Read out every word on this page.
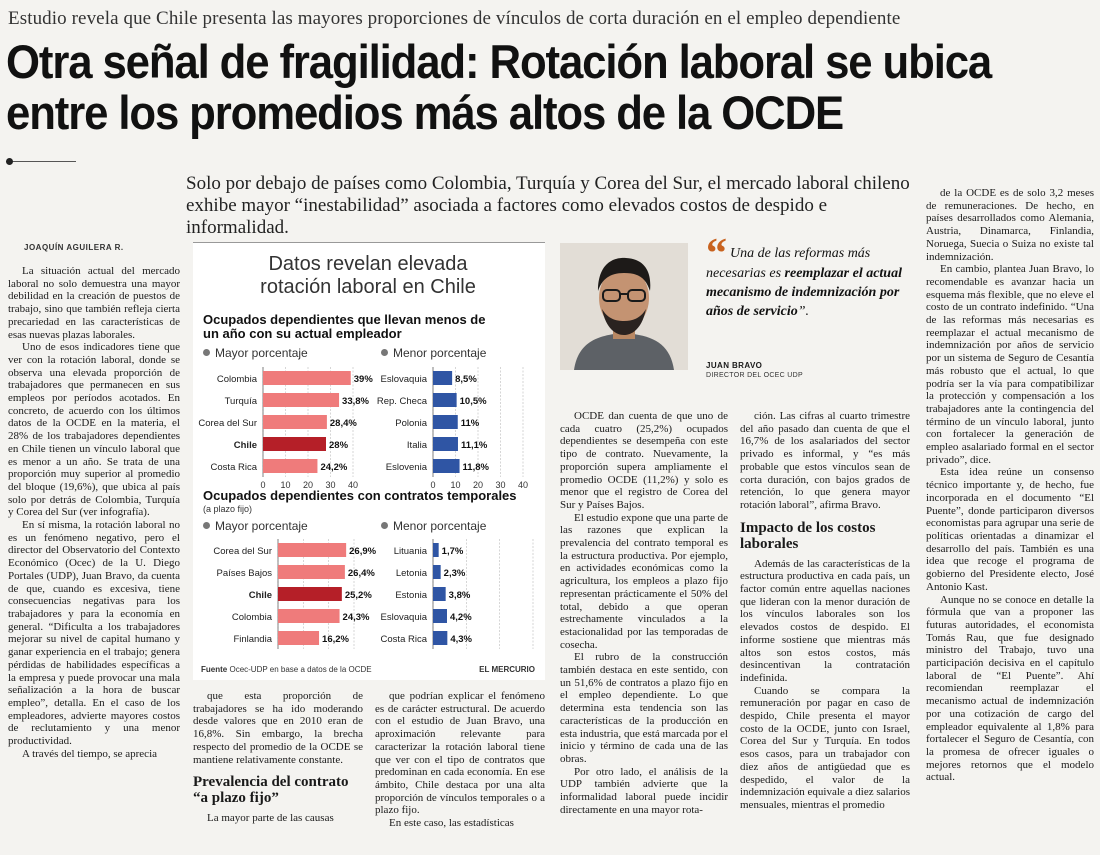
Estudio revela que Chile presenta las mayores proporciones de vínculos de corta duración en el empleo dependiente
Otra señal de fragilidad: Rotación laboral se ubica entre los promedios más altos de la OCDE
Solo por debajo de países como Colombia, Turquía y Corea del Sur, el mercado laboral chileno exhibe mayor “inestabilidad” asociada a factores como elevados costos de despido e informalidad.
JOAQUÍN AGUILERA R.

La situación actual del mercado laboral no solo demuestra una mayor debilidad en la creación de puestos de trabajo, sino que también refleja cierta precariedad en las características de esas nuevas plazas laborales.

Uno de esos indicadores tiene que ver con la rotación laboral, donde se observa una elevada proporción de trabajadores que permanecen en sus empleos por períodos acotados. En concreto, de acuerdo con los últimos datos de la OCDE en la materia, el 28% de los trabajadores dependientes en Chile tienen un vínculo laboral que es menor a un año. Se trata de una proporción muy superior al promedio del bloque (19,6%), que ubica al país solo por detrás de Colombia, Turquía y Corea del Sur (ver infografía).

En sí misma, la rotación laboral no es un fenómeno negativo, pero el director del Observatorio del Contexto Económico (Ocec) de la U. Diego Portales (UDP), Juan Bravo, da cuenta de que, cuando es excesiva, tiene consecuencias negativas para los trabajadores y para la economía en general. “Dificulta a los trabajadores mejorar su nivel de capital humano y ganar experiencia en el trabajo; genera pérdidas de habilidades específicas a la empresa y puede provocar una mala señalización a la hora de buscar empleo”, detalla. En el caso de los empleadores, advierte mayores costos de reclutamiento y una menor productividad.

A través del tiempo, se aprecia

Datos revelan elevada rotación laboral en Chile
Ocupados dependientes que llevan menos de un año con su actual empleador
Mayor porcentaje	Menor porcentaje
Colombia	39%
Turquía	33,8%
Corea del Sur	28,4%
Chile	28%
Costa Rica	24,2%
0 10 20 30 40
Eslovaquia	8,5%
Rep. Checa	10,5%
Polonia	11%
Italia	11,1%
Eslovenia	11,8%
0 10 20 30 40
Ocupados dependientes con contratos temporales
(a plazo fijo)
Mayor porcentaje	Menor porcentaje
Corea del Sur	26,9%
Países Bajos	26,4%
Chile	25,2%
Colombia	24,3%
Finlandia	16,2%
Lituania 1,7%
Letonia 2,3%
Estonia 3,8%
Eslovaquia 4,2%
Costa Rica 4,3%
Fuente Ocec-UDP en base a datos de la OCDE	EL MERCURIO

que esta proporción de trabajadores se ha ido moderando desde valores que en 2010 eran de 16,8%. Sin embargo, la brecha respecto del promedio de la OCDE se mantiene relativamente constante.

Prevalencia del contrato “a plazo fijo”

La mayor parte de las causas

que podrían explicar el fenómeno es de carácter estructural. De acuerdo con el estudio de Juan Bravo, una aproximación relevante para caracterizar la rotación laboral tiene que ver con el tipo de contratos que predominan en cada economía. En ese ámbito, Chile destaca por una alta proporción de vínculos temporales o a plazo fijo.

En este caso, las estadísticas

“ Una de las reformas más necesarias es reemplazar el actual mecanismo de indemnización por años de servicio”.
JUAN BRAVO
DIRECTOR DEL OCEC UDP

OCDE dan cuenta de que uno de cada cuatro (25,2%) ocupados dependientes se desempeña con este tipo de contrato. Nuevamente, la proporción supera ampliamente el promedio OCDE (11,2%) y solo es menor que el registro de Corea del Sur y Países Bajos.

El estudio expone que una parte de las razones que explican la prevalencia del contrato temporal es la estructura productiva. Por ejemplo, en actividades económicas como la agricultura, los empleos a plazo fijo representan prácticamente el 50% del total, debido a que operan estrechamente vinculados a la estacionalidad por las temporadas de cosecha.

El rubro de la construcción también destaca en este sentido, con un 51,6% de contratos a plazo fijo en el empleo dependiente. Lo que determina esta tendencia son las características de la producción en esta industria, que está marcada por el inicio y término de cada una de las obras.

Por otro lado, el análisis de la UDP también advierte que la informalidad laboral puede incidir directamente en una mayor rota-

ción. Las cifras al cuarto trimestre del año pasado dan cuenta de que el 16,7% de los asalariados del sector privado es informal, y “es más probable que estos vínculos sean de corta duración, con bajos grados de retención, lo que genera mayor rotación laboral”, afirma Bravo.

Impacto de los costos laborales

Además de las características de la estructura productiva en cada país, un factor común entre aquellas naciones que lideran con la menor duración de los vínculos laborales son los elevados costos de despido. El informe sostiene que mientras más altos son estos costos, más desincentivan la contratación indefinida.

Cuando se compara la remuneración por pagar en caso de despido, Chile presenta el mayor costo de la OCDE, junto con Israel, Corea del Sur y Turquía. En todos esos casos, para un trabajador con diez años de antigüedad que es despedido, el valor de la indemnización equivale a diez salarios mensuales, mientras el promedio

de la OCDE es de solo 3,2 meses de remuneraciones. De hecho, en países desarrollados como Alemania, Austria, Dinamarca, Finlandia, Noruega, Suecia o Suiza no existe tal indemnización.

En cambio, plantea Juan Bravo, lo recomendable es avanzar hacia un esquema más flexible, que no eleve el costo de un contrato indefinido. “Una de las reformas más necesarias es reemplazar el actual mecanismo de indemnización por años de servicio por un sistema de Seguro de Cesantía más robusto que el actual, lo que podría ser la vía para compatibilizar la protección y compensación a los trabajadores ante la contingencia del término de un vínculo laboral, junto con fortalecer la generación de empleo asalariado formal en el sector privado”, dice.

Esta idea reúne un consenso técnico importante y, de hecho, fue incorporada en el documento “El Puente”, donde participaron diversos economistas para agrupar una serie de políticas orientadas a dinamizar el desarrollo del país. También es una idea que recoge el programa de gobierno del Presidente electo, José Antonio Kast.

Aunque no se conoce en detalle la fórmula que van a proponer las futuras autoridades, el economista Tomás Rau, que fue designado ministro del Trabajo, tuvo una participación decisiva en el capítulo laboral de “El Puente”. Ahí recomiendan reemplazar el mecanismo actual de indemnización por una cotización de cargo del empleador equivalente al 1,8% para fortalecer el Seguro de Cesantía, con la promesa de ofrecer iguales o mejores retornos que el modelo actual.
